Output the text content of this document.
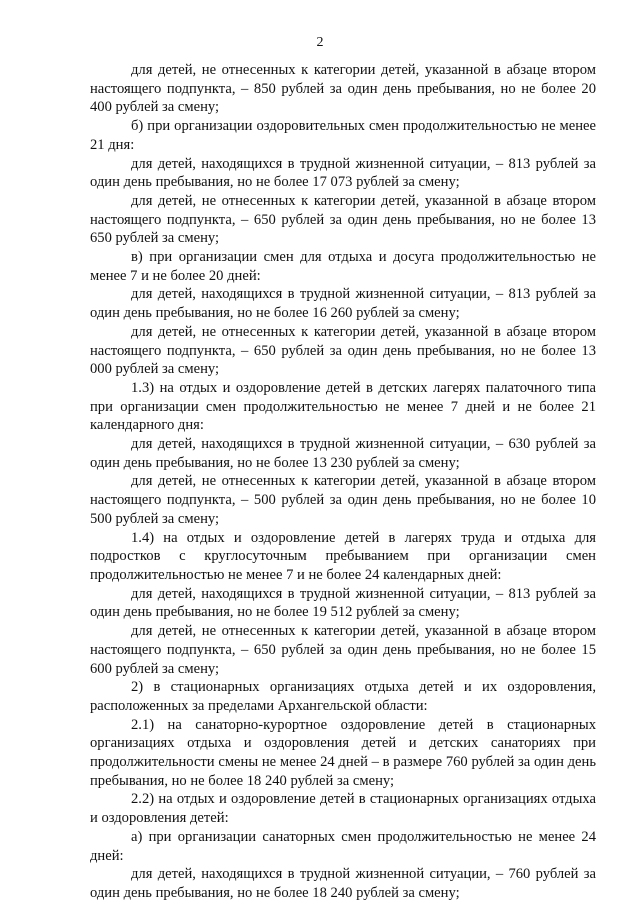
2

для детей, не отнесенных к категории детей, указанной в абзаце втором настоящего подпункта, – 850 рублей за один день пребывания, но не более 20 400 рублей за смену;

б) при организации оздоровительных смен продолжительностью не менее 21 дня:

для детей, находящихся в трудной жизненной ситуации, – 813 рублей за один день пребывания, но не более 17 073 рублей за смену;

для детей, не отнесенных к категории детей, указанной в абзаце втором настоящего подпункта, – 650 рублей за один день пребывания, но не более 13 650 рублей за смену;

в) при организации смен для отдыха и досуга продолжительностью не менее 7 и не более 20 дней:

для детей, находящихся в трудной жизненной ситуации, – 813 рублей за один день пребывания, но не более 16 260 рублей за смену;

для детей, не отнесенных к категории детей, указанной в абзаце втором настоящего подпункта, – 650 рублей за один день пребывания, но не более 13 000 рублей за смену;

1.3) на отдых и оздоровление детей в детских лагерях палаточного типа при организации смен продолжительностью не менее 7 дней и не более 21 календарного дня:

для детей, находящихся в трудной жизненной ситуации, – 630 рублей за один день пребывания, но не более 13 230 рублей за смену;

для детей, не отнесенных к категории детей, указанной в абзаце втором настоящего подпункта, – 500 рублей за один день пребывания, но не более 10 500 рублей за смену;

1.4) на отдых и оздоровление детей в лагерях труда и отдыха для подростков с круглосуточным пребыванием при организации смен продолжительностью не менее 7 и не более 24 календарных дней:

для детей, находящихся в трудной жизненной ситуации, – 813 рублей за один день пребывания, но не более 19 512 рублей за смену;

для детей, не отнесенных к категории детей, указанной в абзаце втором настоящего подпункта, – 650 рублей за один день пребывания, но не более 15 600 рублей за смену;

2) в стационарных организациях отдыха детей и их оздоровления, расположенных за пределами Архангельской области:

2.1) на санаторно-курортное оздоровление детей в стационарных организациях отдыха и оздоровления детей и детских санаториях при продолжительности смены не менее 24 дней – в размере 760 рублей за один день пребывания, но не более 18 240 рублей за смену;

2.2) на отдых и оздоровление детей в стационарных организациях отдыха и оздоровления детей:

а) при организации санаторных смен продолжительностью не менее 24 дней:

для детей, находящихся в трудной жизненной ситуации, – 760 рублей за один день пребывания, но не более 18 240 рублей за смену;
